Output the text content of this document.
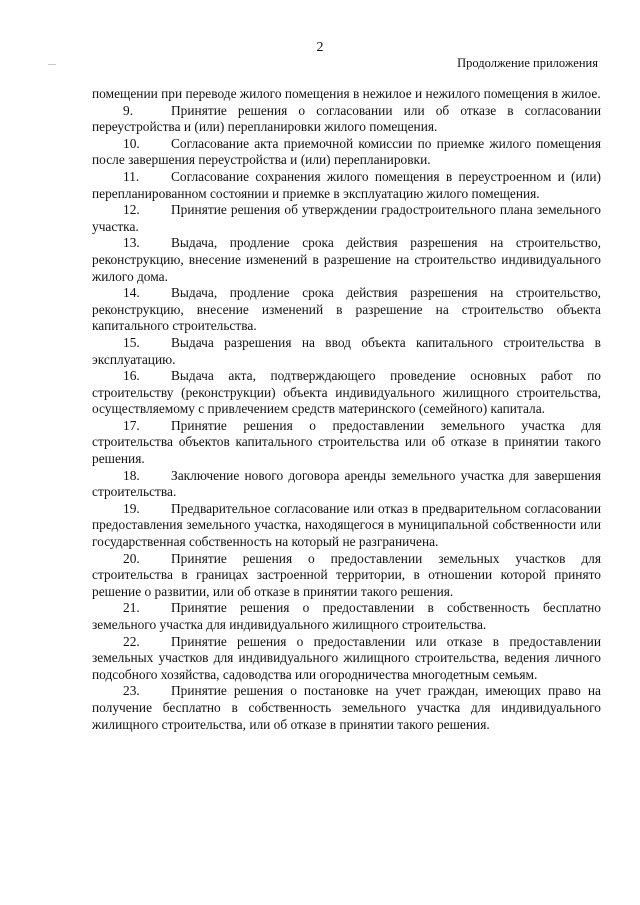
2
Продолжение приложения

помещении при переводе жилого помещения в нежилое и нежилого помещения в жилое.

9.	Принятие решения о согласовании или об отказе в согласовании переустройства и (или) перепланировки жилого помещения.

10. Согласование акта приемочной комиссии по приемке жилого помещения после завершения переустройства и (или) перепланировки.

11. Согласование сохранения жилого помещения в переустроенном и (или) перепланированном состоянии и приемке в эксплуатацию жилого помещения.

12. Принятие решения об утверждении градостроительного плана земельного участка.

13. Выдача, продление срока действия разрешения на строительство, реконструкцию, внесение изменений в разрешение на строительство индивидуального жилого дома.

14. Выдача, продление срока действия разрешения на строительство, реконструкцию, внесение изменений в разрешение на строительство объекта капитального строительства.

15. Выдача разрешения на ввод объекта капитального строительства в эксплуатацию.

16. Выдача акта, подтверждающего проведение основных работ по строительству (реконструкции) объекта индивидуального жилищного строительства, осуществляемому с привлечением средств материнского (семейного) капитала.

17. Принятие решения о предоставлении земельного участка для строительства объектов капитального строительства или об отказе в принятии такого решения.

18. Заключение нового договора аренды земельного участка для завершения строительства.

19. Предварительное согласование или отказ в предварительном согласовании предоставления земельного участка, находящегося в муниципальной собственности или государственная собственность на который не разграничена.

20. Принятие решения о предоставлении земельных участков для строительства в границах застроенной территории, в отношении которой принято решение о развитии, или об отказе в принятии такого решения.

21. Принятие решения о предоставлении в собственность бесплатно земельного участка для индивидуального жилищного строительства.

22. Принятие решения о предоставлении или отказе в предоставлении земельных участков для индивидуального жилищного строительства, ведения личного подсобного хозяйства, садоводства или огородничества многодетным семьям.

23. Принятие решения о постановке на учет граждан, имеющих право на получение бесплатно в собственность земельного участка для индивидуального жилищного строительства, или об отказе в принятии такого решения.
